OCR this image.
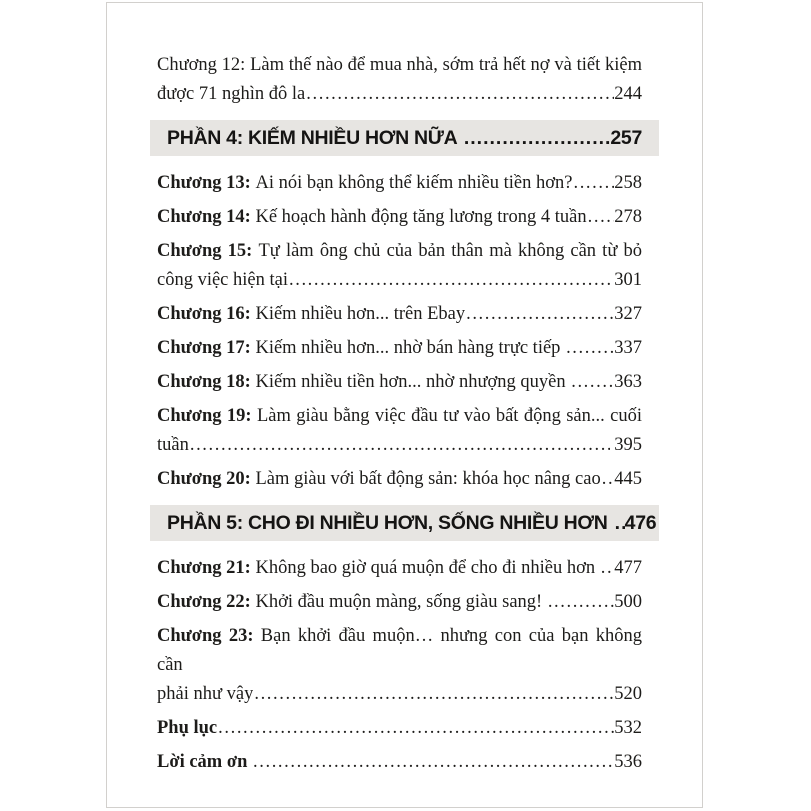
Chương 12: Làm thế nào để mua nhà, sớm trả hết nợ và tiết kiệm

được 71 nghìn đô la .....	244

PHẦN 4: KIẾM NHIỀU HƠN NỮA .....	257

Chương 13: Ai nói bạn không thể kiếm nhiều tiền hơn? ..... 258

Chương 14: Kế hoạch hành động tăng lương trong 4 tuần ..... 278

Chương 15: Tự làm ông chủ của bản thân mà không cần từ bỏ

công việc hiện tại .....	301

Chương 16: Kiếm nhiều hơn... trên Ebay .....	327

Chương 17: Kiếm nhiều hơn... nhờ bán hàng trực tiếp .....	337

Chương 18: Kiếm nhiều tiền hơn... nhờ nhượng quyền ..... 363

Chương 19: Làm giàu bằng việc đầu tư vào bất động sản... cuối

tuần .....	395

Chương 20: Làm giàu với bất động sản: khóa học nâng cao ..... 445

PHẦN 5: CHO ĐI NHIỀU HƠN, SỐNG NHIỀU HƠN ..... 476

Chương 21: Không bao giờ quá muộn để cho đi nhiều hơn ..... 477

Chương 22: Khởi đầu muộn màng, sống giàu sang! .....	500

Chương 23: Bạn khởi đầu muộn… nhưng con của bạn không cần

phải như vậy .....	520

Phụ lục .....	532

Lời cảm ơn .....	536
